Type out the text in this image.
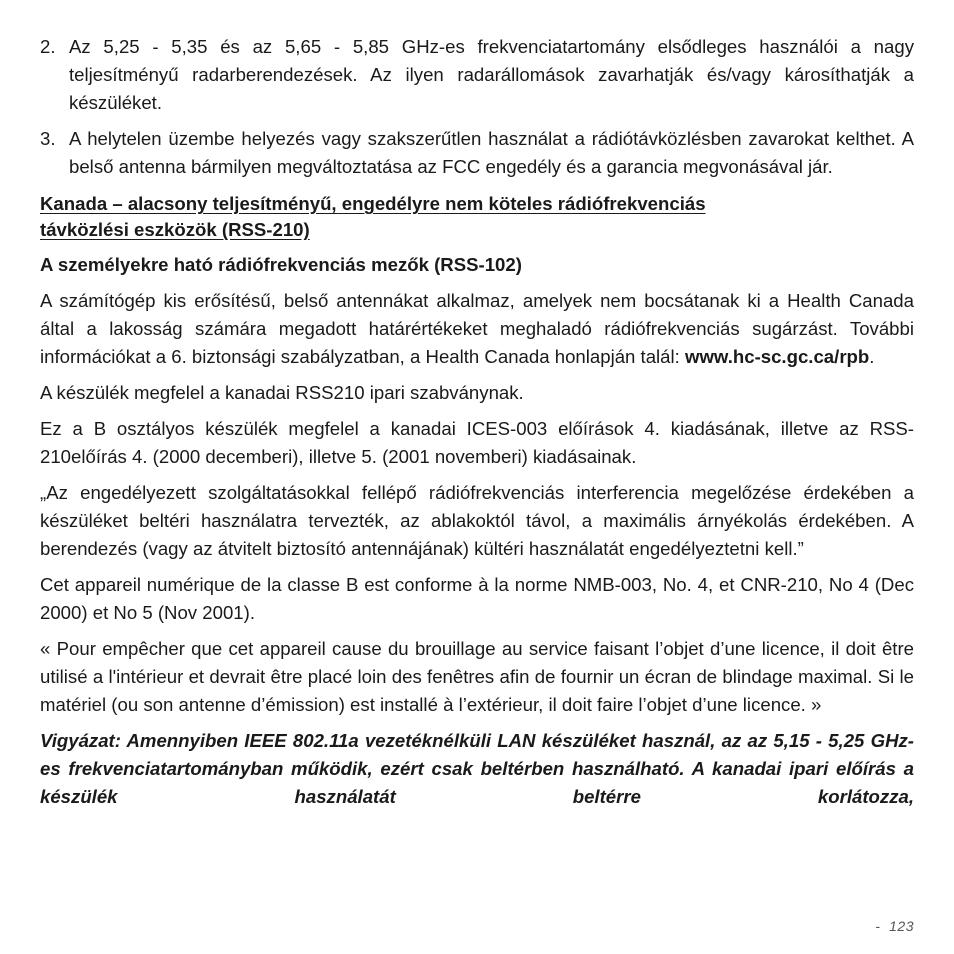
2. Az 5,25 - 5,35 és az 5,65 - 5,85 GHz-es frekvenciatartomány elsődleges használói a nagy teljesítményű radarberendezések. Az ilyen radarállomások zavarhatják és/vagy károsíthatják a készüléket.
3. A helytelen üzembe helyezés vagy szakszerűtlen használat a rádiótávközlésben zavarokat kelthet. A belső antenna bármilyen megváltoztatása az FCC engedély és a garancia megvonásával jár.
Kanada – alacsony teljesítményű, engedélyre nem köteles rádiófrekvenciás
távközlési eszközök (RSS-210)
A személyekre ható rádiófrekvenciás mezők (RSS-102)

A számítógép kis erősítésű, belső antennákat alkalmaz, amelyek nem bocsátanak ki a Health Canada által a lakosság számára megadott határértékeket meghaladó rádiófrekvenciás sugárzást. További információkat a 6. biztonsági szabályzatban, a Health Canada honlapján talál: www.hc-sc.gc.ca/rpb.

A készülék megfelel a kanadai RSS210 ipari szabványnak.

Ez a B osztályos készülék megfelel a kanadai ICES-003 előírások 4. kiadásának, illetve az RSS-210előírás 4. (2000 decemberi), illetve 5. (2001 novemberi) kiadásainak.

„Az engedélyezett szolgáltatásokkal fellépő rádiófrekvenciás interferencia megelőzése érdekében a készüléket beltéri használatra tervezték, az ablakoktól távol, a maximális árnyékolás érdekében. A berendezés (vagy az átvitelt biztosító antennájának) kültéri használatát engedélyeztetni kell.”

Cet appareil numérique de la classe B est conforme à la norme NMB-003, No. 4, et CNR-210, No 4 (Dec 2000) et No 5 (Nov 2001).

« Pour empêcher que cet appareil cause du brouillage au service faisant l’objet d’une licence, il doit être utilisé a l'intérieur et devrait être placé loin des fenêtres afin de fournir un écran de blindage maximal. Si le matériel (ou son antenne d’émission) est installé à l’extérieur, il doit faire l’objet d’une licence. »

Vigyázat: Amennyiben IEEE 802.11a vezetéknélküli LAN készüléket használ, az az 5,15 - 5,25 GHz-es frekvenciatartományban működik, ezért csak beltérben használható. A kanadai ipari előírás a készülék használatát beltérre korlátozza,

- 123
